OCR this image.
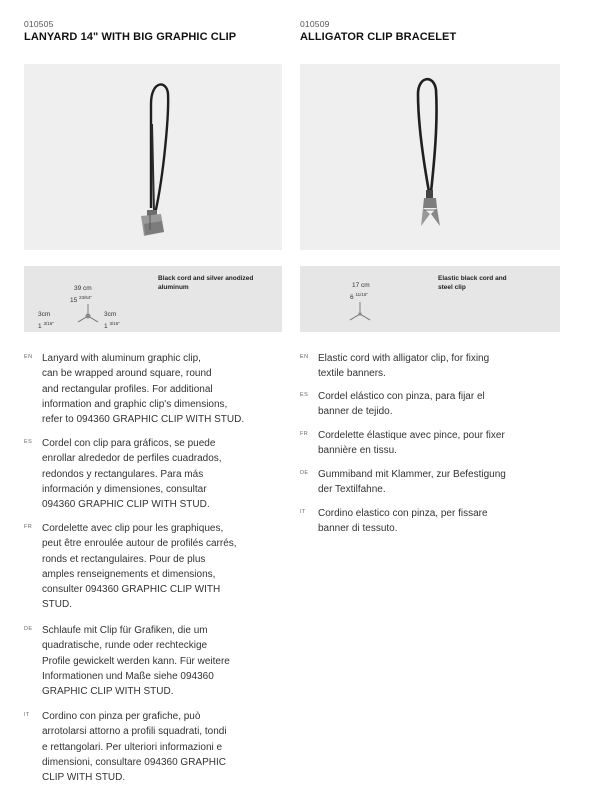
010505
LANYARD 14" WITH BIG GRAPHIC CLIP
Black cord and silver anodized
aluminum
39 cm
15 $^{23/64"}$
3cm
1 $^{3/16"}$
3cm
1 $^{3/16"}$
EN Lanyard with aluminum graphic clip,
can be wrapped around square, round
and rectangular profiles. For additional
information and graphic clip's dimensions,
refer to 094360 GRAPHIC CLIP WITH STUD.
ES Cordel con clip para gráficos, se puede
enrollar alrededor de perfiles cuadrados,
redondos y rectangulares. Para más
información y dimensiones, consultar
094360 GRAPHIC CLIP WITH STUD.
FR Cordelette avec clip pour les graphiques,
peut être enroulée autour de profilés carrés,
ronds et rectangulaires. Pour de plus
amples renseignements et dimensions,
consulter 094360 GRAPHIC CLIP WITH
STUD.
DE Schlaufe mit Clip für Grafiken, die um
quadratische, runde oder rechteckige
Profile gewickelt werden kann. Für weitere
Informationen und Maße siehe 094360
GRAPHIC CLIP WITH STUD.
IT Cordino con pinza per grafiche, può
arrotolarsi attorno a profili squadrati, tondi
e rettangolari. Per ulteriori informazioni e
dimensioni, consultare 094360 GRAPHIC
CLIP WITH STUD.
010509
ALLIGATOR CLIP BRACELET
Elastic black cord and
steel clip
17 cm
6 $^{11/16"}$
EN Elastic cord with alligator clip, for fixing
textile banners.
ES Cordel elástico con pinza, para fijar el
banner de tejido.
FR Cordelette élastique avec pince, pour fixer
bannière en tissu.
DE Gummiband mit Klammer, zur Befestigung
der Textilfahne.
IT Cordino elastico con pinza, per fissare
banner di tessuto.
